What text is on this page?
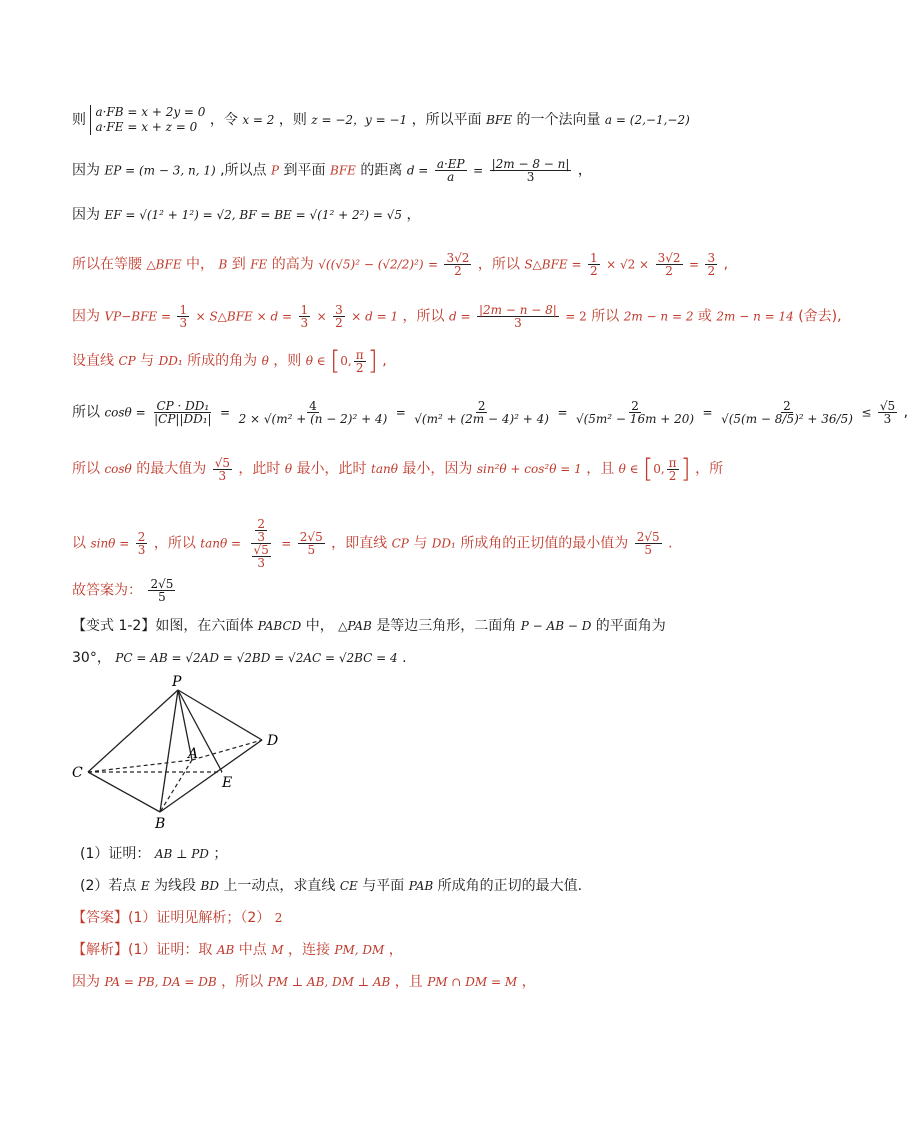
则 a·FB = x + 2y = 0
a·FE = x + z = 0 ，令 x = 2 ，则 z = −2，y = −1 ，所以平面 BFE 的一个法向量 a = (2,−1,−2)
因为 EP = (m − 3, n, 1) ,所以点 P 到平面 BFE 的距离 $d = \frac{a\cdot EP}{a} = \frac{|2m - 8 - n|}{3}$ ，
因为 EF = √(1² + 1²) = √2, BF = BE = √(1² + 2²) = √5 ，
所以在等腰 △BFE 中， B 到 FE 的高为 $√((√5)^2 - (√2/2)^2) = \frac{3√2}{2}$ ，所以 S△BFE = $\frac{1}{2} \times √2 \times \frac{3√2}{2} = \frac{3}{2}$ ,
因为 $VP-BFE = \frac{1}{3}$ × S△BFE × $d = \frac{1}{3} \times \frac{3}{2} \times d = 1$ ，所以 $d = \frac{|2m - n - 8|}{3} = 2$ 所以 2m − n = 2 或 2m − n = 14 (舍去),
设直线 CP 与 DD₁ 所成的角为 θ ，则 θ ∈ [0, $\frac{\pi}{2}$ ] ,
所以 $\cos\theta = \frac{\text{CP · DD₁}}{\text{|CP||DD₁|}} = \frac{4}{\text{2 × √(m² + (n − 2)² + 4)}} = \frac{2}{\text{√(m² + (2m − 4)² + 4)}} = \frac{2}{\text{√(5m² − 16m + 20)}} = \frac{2}{\text{√(5(m − 8/5)² + 36/5)}} \le \frac{√5}{3}$ ,
所以 cosθ 的最大值为 $\frac{√5}{3}$ ，此时 θ 最小，此时 tanθ 最小，因为 sin²θ + cos²θ = 1 ，且 θ ∈ [0, $\frac{\pi}{2}$ ] ，所
以 $\sin\theta = \frac{2}{3}$ ，所以 $\tan\theta = \frac{\frac{2}{3}}{\frac{√5}{3}} = \frac{2√5}{5}$ ，即直线 CP 与 DD₁ 所成角的正切值的最小值为 $\frac{2√5}{5}$ .
故答案为： $\frac{2√5}{5}$
【变式 1-2】如图，在六面体 PABCD 中， △PAB 是等边三角形，二面角 P − AB − D 的平面角为
30°， PC = AB = √2AD = √2BD = √2AC = √2BC = 4 .
P
A
B
C
D
E
(1）证明： AB ⊥ PD ；
(2）若点 E 为线段 BD 上一动点，求直线 CE 与平面 PAB 所成角的正切的最大值.
【答案】(1）证明见解析；（2） 2
【解析】(1）证明：取 AB 中点 M ，连接 PM, DM ，
因为 PA = PB, DA = DB ，所以 PM ⊥ AB, DM ⊥ AB ，且 PM ∩ DM = M ，
